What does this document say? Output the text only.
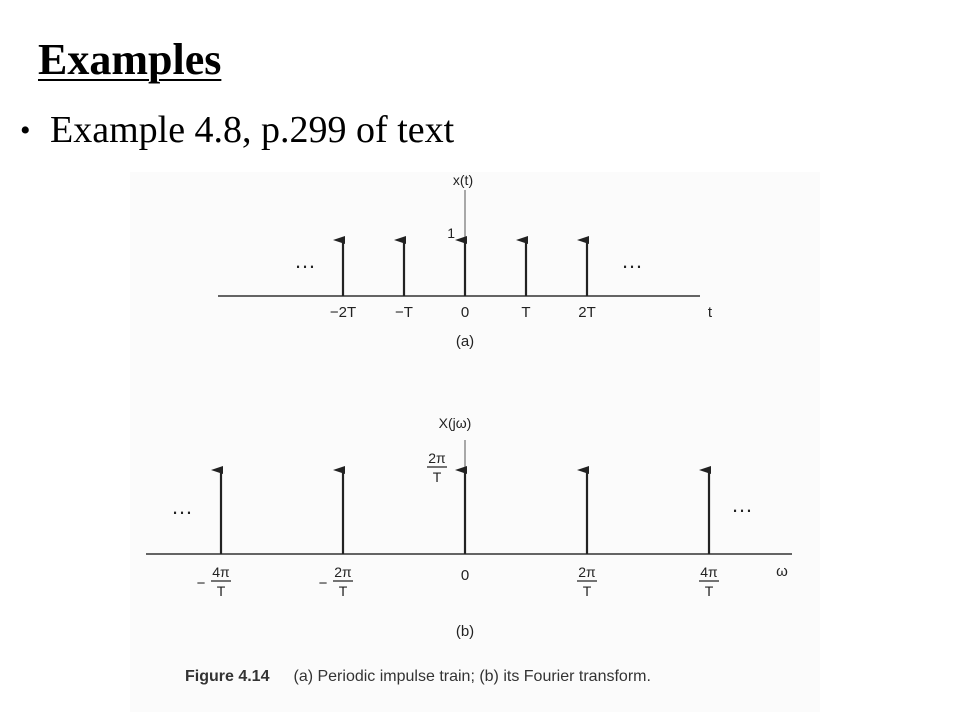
Examples
• Example 4.8, p.299 of text
−2T	−T	0	T	2T
x(t)
t
1
…	…
(a)
−
4π
T	−
2π
T
0	2π
T
4π
T
X(jω)
ω
2π
T
…	…
(b)
Figure 4.14 (a) Periodic impulse train; (b) its Fourier transform.
